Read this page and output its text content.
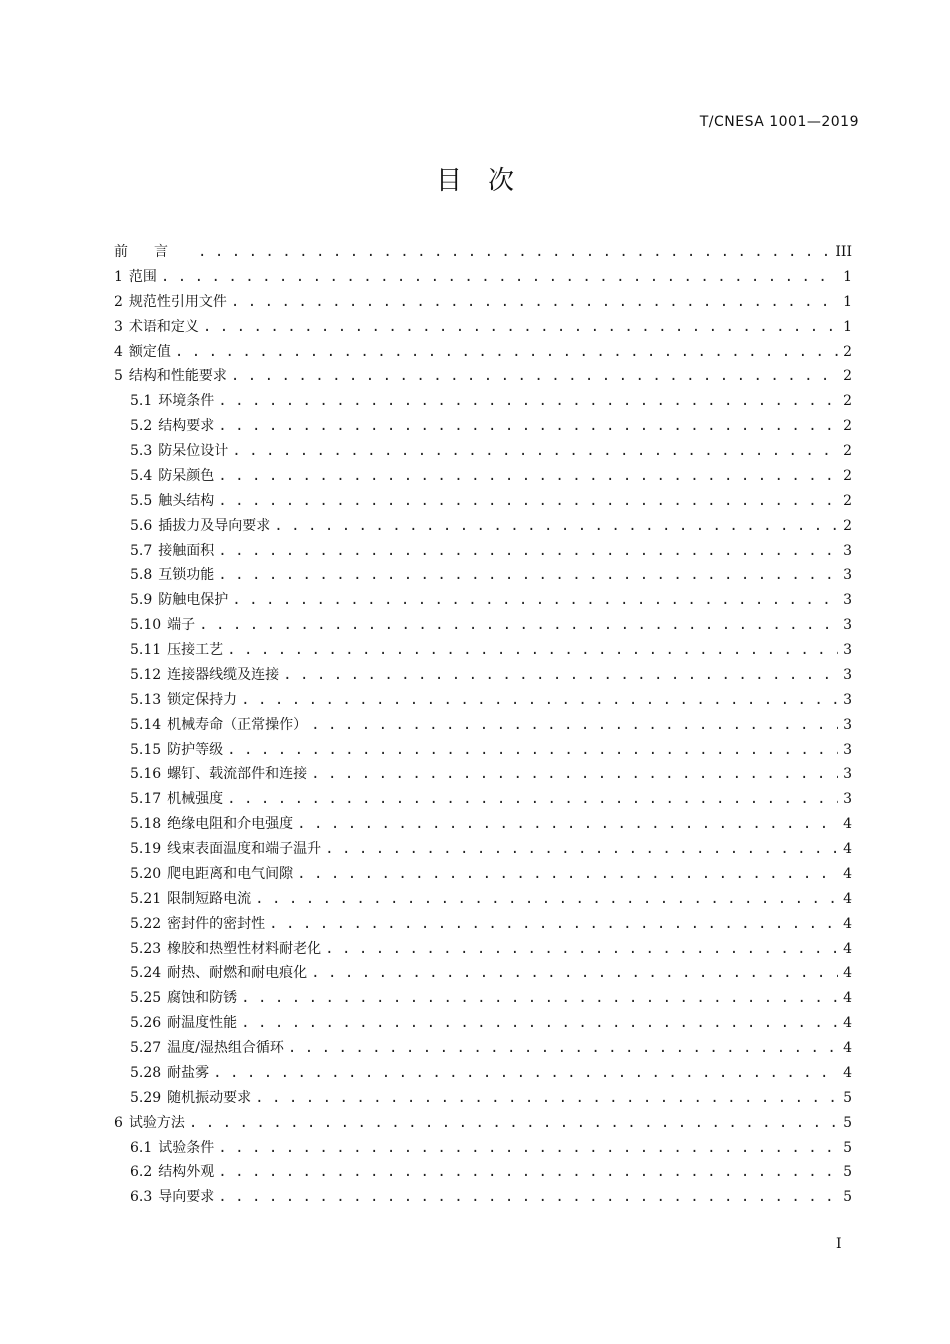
T/CNESA 1001—2019
目次
前言 . . .	III
1 范围 . . .	1
2 规范性引用文件 . . .	1
3 术语和定义 . . .	1
4 额定值 . . .	2
5 结构和性能要求 . . .	2
5.1 环境条件 . . .	2
5.2 结构要求 . . .	2
5.3 防呆位设计 . . .	2
5.4 防呆颜色 . . .	2
5.5 触头结构 . . .	2
5.6 插拔力及导向要求 . . .	2
5.7 接触面积 . . .	3
5.8 互锁功能 . . .	3
5.9 防触电保护 . . .	3
5.10 端子 . . .	3
5.11 压接工艺 . . .	3
5.12 连接器线缆及连接 . . .	3
5.13 锁定保持力 . . .	3
5.14 机械寿命（正常操作） . . .	3
5.15 防护等级 . . .	3
5.16 螺钉、载流部件和连接 . . .	3
5.17 机械强度 . . .	3
5.18 绝缘电阻和介电强度 . . .	4
5.19 线束表面温度和端子温升 . . .	4
5.20 爬电距离和电气间隙 . . .	4
5.21 限制短路电流 . . .	4
5.22 密封件的密封性 . . .	4
5.23 橡胶和热塑性材料耐老化 . . .	4
5.24 耐热、耐燃和耐电痕化 . . .	4
5.25 腐蚀和防锈 . . .	4
5.26 耐温度性能 . . .	4
5.27 温度/湿热组合循环 . . .	4
5.28 耐盐雾 . . .	4
5.29 随机振动要求 . . .	5
6 试验方法 . . .	5
6.1 试验条件 . . .	5
6.2 结构外观 . . .	5
6.3 导向要求 . . .	5
I
